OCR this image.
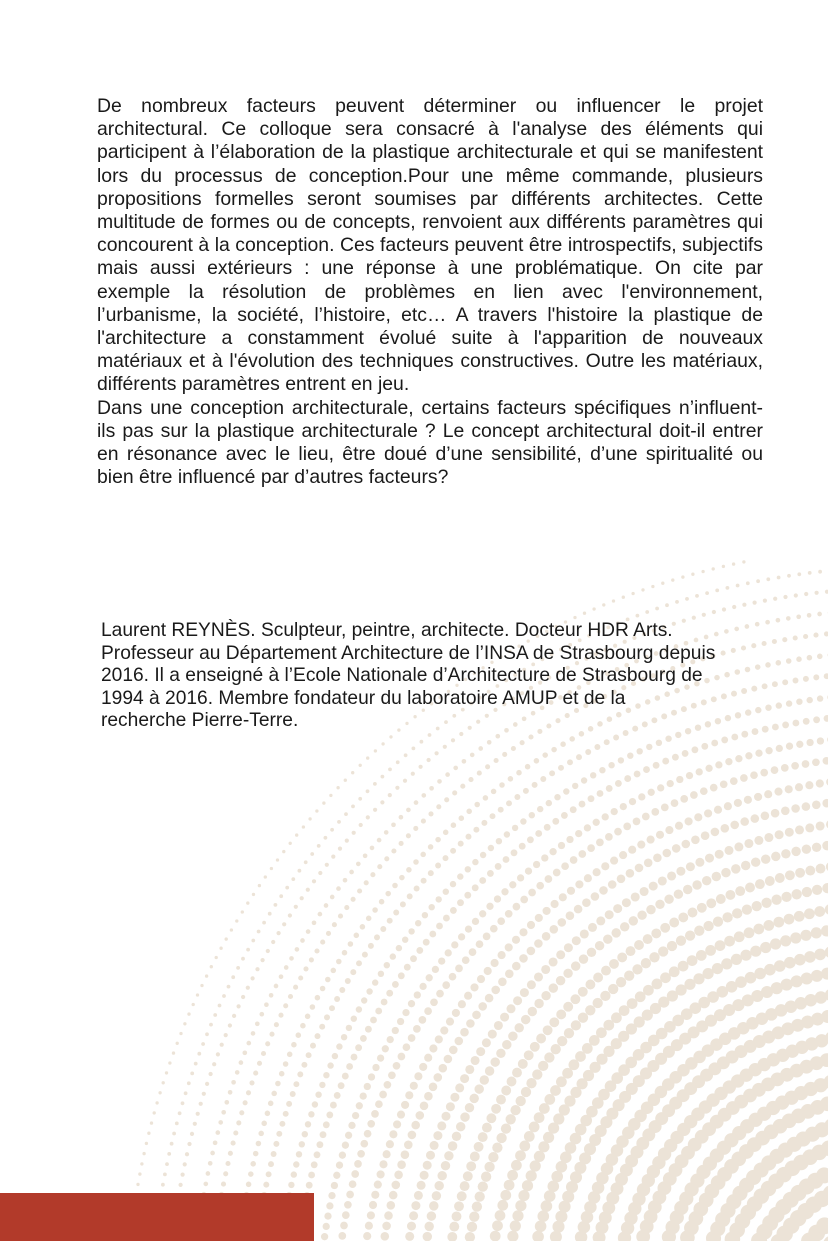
De nombreux facteurs peuvent déterminer ou influencer le projet architectural. Ce colloque sera consacré à l'analyse des éléments qui participent à l’élaboration de la plastique architecturale et qui se manifestent lors du processus de conception.Pour une même commande, plusieurs propositions formelles seront soumises par différents architectes. Cette multitude de formes ou de concepts, renvoient aux différents paramètres qui concourent à la conception. Ces facteurs peuvent être introspectifs, subjectifs mais aussi extérieurs : une réponse à une problématique. On cite par exemple la résolution de problèmes en lien avec l'environnement, l’urbanisme, la société, l’histoire, etc… A travers l'histoire la plastique de l'architecture a constamment évolué suite à l'apparition de nouveaux matériaux et à l'évolution des techniques constructives. Outre les matériaux, différents paramètres entrent en jeu.

Dans une conception architecturale, certains facteurs spécifiques n’influent-ils pas sur la plastique architecturale ? Le concept architectural doit-il entrer en résonance avec le lieu, être doué d’une sensibilité, d’une spiritualité ou bien être influencé par d’autres facteurs?

Laurent REYNÈS. Sculpteur, peintre, architecte. Docteur HDR Arts.

Professeur au Département Architecture de l’INSA de Strasbourg depuis

2016. Il a enseigné à l’Ecole Nationale d’Architecture de Strasbourg de

1994 à 2016. Membre fondateur du laboratoire AMUP et de la

recherche Pierre-Terre.
